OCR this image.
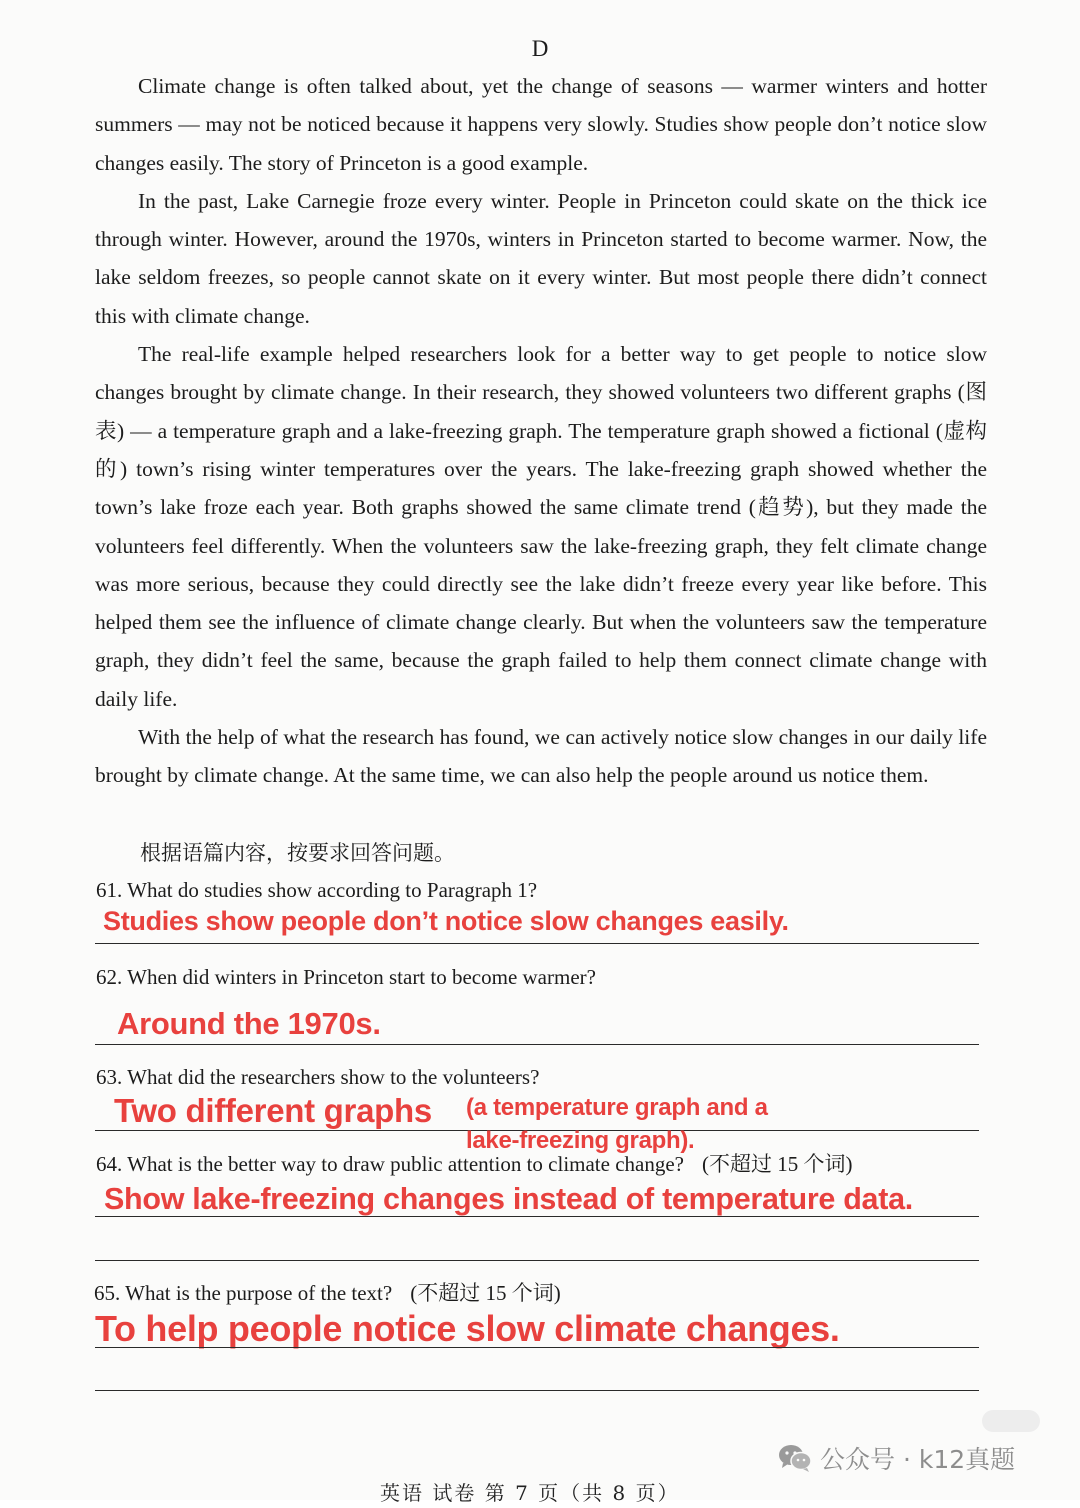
D

Climate change is often talked about, yet the change of seasons — warmer winters and hotter summers — may not be noticed because it happens very slowly. Studies show people don’t notice slow changes easily. The story of Princeton is a good example.

In the past, Lake Carnegie froze every winter. People in Princeton could skate on the thick ice through winter. However, around the 1970s, winters in Princeton started to become warmer. Now, the lake seldom freezes, so people cannot skate on it every winter. But most people there didn’t connect this with climate change.

The real-life example helped researchers look for a better way to get people to notice slow changes brought by climate change. In their research, they showed volunteers two different graphs (图表) — a temperature graph and a lake-freezing graph. The temperature graph showed a fictional (虚构的) town’s rising winter temperatures over the years. The lake-freezing graph showed whether the town’s lake froze each year. Both graphs showed the same climate trend (趋势), but they made the volunteers feel differently. When the volunteers saw the lake-freezing graph, they felt climate change was more serious, because they could directly see the lake didn’t freeze every year like before. This helped them see the influence of climate change clearly. But when the volunteers saw the temperature graph, they didn’t feel the same, because the graph failed to help them connect climate change with daily life.

With the help of what the research has found, we can actively notice slow changes in our daily life brought by climate change. At the same time, we can also help the people around us notice them.

根据语篇内容，按要求回答问题。
61. What do studies show according to Paragraph 1?
Studies show people don’t notice slow changes easily.
62. When did winters in Princeton start to become warmer?
Around the 1970s.
63. What did the researchers show to the volunteers?
Two different graphs (a temperature graph and a
lake-freezing graph).
64. What is the better way to draw public attention to climate change? (不超过 15 个词)
Show lake-freezing changes instead of temperature data.
65. What is the purpose of the text? (不超过 15 个词)
To help people notice slow climate changes.
公众号 · k12真题
英语 试卷 第 7 页（共 8 页）
